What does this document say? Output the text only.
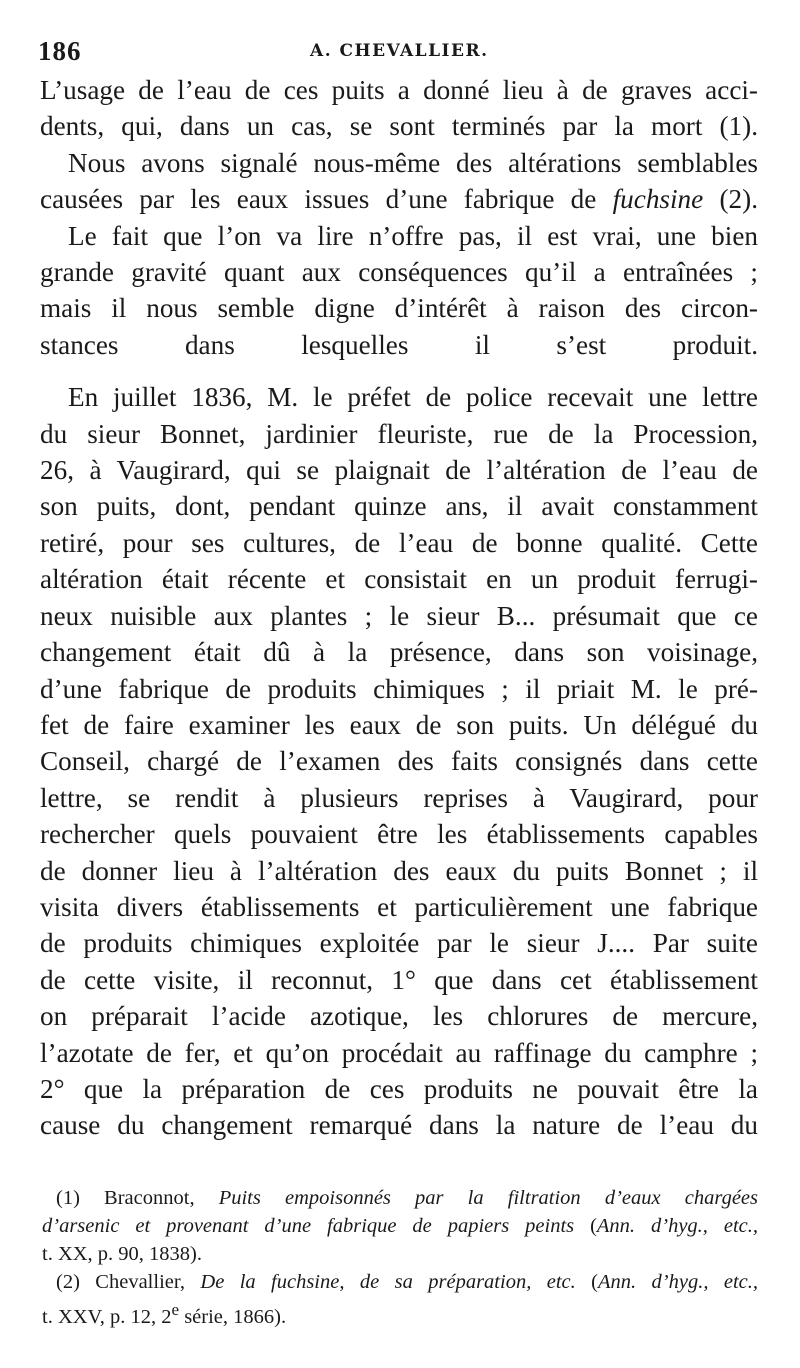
186	A. CHEVALLIER.

L’usage de l’eau de ces puits a donné lieu à de graves acci-
dents, qui, dans un cas, se sont terminés par la mort (1).

Nous avons signalé nous-même des altérations semblables
causées par les eaux issues d’une fabrique de fuchsine (2).

Le fait que l’on va lire n’offre pas, il est vrai, une bien
grande gravité quant aux conséquences qu’il a entraînées ;
mais il nous semble digne d’intérêt à raison des circon-
stances dans lesquelles il s’est produit.

En juillet 1836, M. le préfet de police recevait une lettre
du sieur Bonnet, jardinier fleuriste, rue de la Procession,
26, à Vaugirard, qui se plaignait de l’altération de l’eau de
son puits, dont, pendant quinze ans, il avait constamment
retiré, pour ses cultures, de l’eau de bonne qualité. Cette
altération était récente et consistait en un produit ferrugi-
neux nuisible aux plantes ; le sieur B... présumait que ce
changement était dû à la présence, dans son voisinage,
d’une fabrique de produits chimiques ; il priait M. le pré-
fet de faire examiner les eaux de son puits. Un délégué du
Conseil, chargé de l’examen des faits consignés dans cette
lettre, se rendit à plusieurs reprises à Vaugirard, pour
rechercher quels pouvaient être les établissements capables
de donner lieu à l’altération des eaux du puits Bonnet ; il
visita divers établissements et particulièrement une fabrique
de produits chimiques exploitée par le sieur J.... Par suite
de cette visite, il reconnut, 1° que dans cet établissement
on préparait l’acide azotique, les chlorures de mercure,
l’azotate de fer, et qu’on procédait au raffinage du camphre ;
2° que la préparation de ces produits ne pouvait être la
cause du changement remarqué dans la nature de l’eau du

(1) Braconnot, Puits empoisonnés par la filtration d’eaux chargées
d’arsenic et provenant d’une fabrique de papiers peints (Ann. d’hyg., etc.,
t. XX, p. 90, 1838).

(2) Chevallier, De la fuchsine, de sa préparation, etc. (Ann. d’hyg., etc.,
t. XXV, p. 12, 2e série, 1866).
